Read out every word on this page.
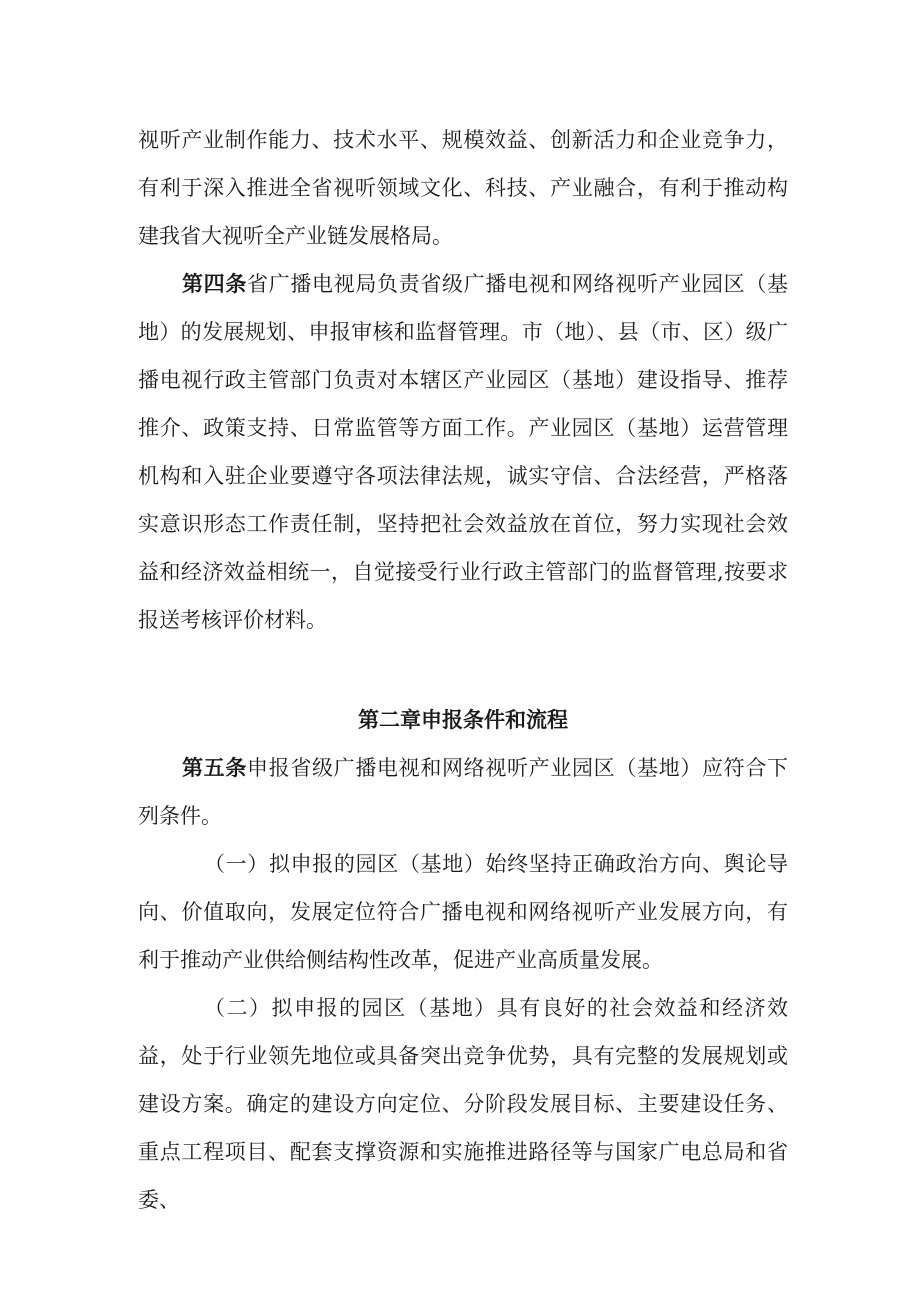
视听产业制作能力、技术水平、规模效益、创新活力和企业竞争力，有利于深入推进全省视听领域文化、科技、产业融合，有利于推动构建我省大视听全产业链发展格局。

第四条省广播电视局负责省级广播电视和网络视听产业园区（基地）的发展规划、申报审核和监督管理。市（地）、县（市、区）级广播电视行政主管部门负责对本辖区产业园区（基地）建设指导、推荐推介、政策支持、日常监管等方面工作。产业园区（基地）运营管理机构和入驻企业要遵守各项法律法规，诚实守信、合法经营，严格落实意识形态工作责任制，坚持把社会效益放在首位，努力实现社会效益和经济效益相统一，自觉接受行业行政主管部门的监督管理,按要求报送考核评价材料。

第二章申报条件和流程

第五条申报省级广播电视和网络视听产业园区（基地）应符合下列条件。

（一）拟申报的园区（基地）始终坚持正确政治方向、舆论导向、价值取向，发展定位符合广播电视和网络视听产业发展方向，有利于推动产业供给侧结构性改革，促进产业高质量发展。

（二）拟申报的园区（基地）具有良好的社会效益和经济效益，处于行业领先地位或具备突出竞争优势，具有完整的发展规划或建设方案。确定的建设方向定位、分阶段发展目标、主要建设任务、重点工程项目、配套支撑资源和实施推进路径等与国家广电总局和省委、
